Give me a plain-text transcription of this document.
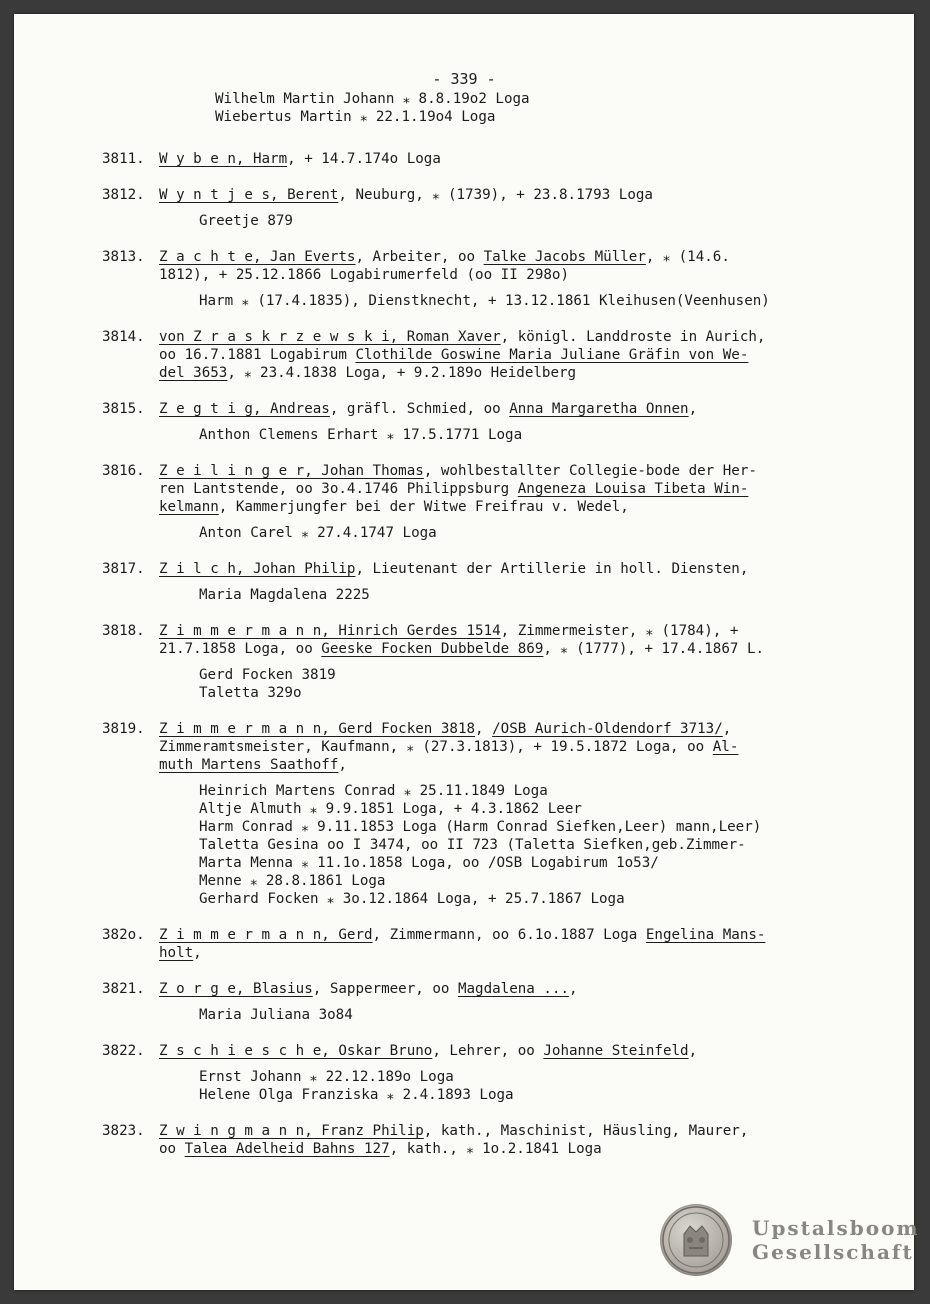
- 339 -
Wilhelm Martin Johann ⁎ 8.8.19o2 Loga
Wiebertus Martin ⁎ 22.1.19o4 Loga
3811. W y b e n, Harm, + 14.7.174o Loga
3812. W y n t j e s, Berent, Neuburg, ⁎ (1739), + 23.8.1793 Loga
Greetje 879
3813. Z a c h t e, Jan Everts, Arbeiter, oo Talke Jacobs Müller, ⁎ (14.6.
1812), + 25.12.1866 Logabirumerfeld (oo II 298o)
Harm ⁎ (17.4.1835), Dienstknecht, + 13.12.1861 Kleihusen(Veenhusen)
3814. von Z r a s k r z e w s k i, Roman Xaver, königl. Landdroste in Aurich,
oo 16.7.1881 Logabirum Clothilde Goswine Maria Juliane Gräfin von We-
del 3653, ⁎ 23.4.1838 Loga, + 9.2.189o Heidelberg
3815. Z e g t i g, Andreas, gräfl. Schmied, oo Anna Margaretha Onnen,
Anthon Clemens Erhart ⁎ 17.5.1771 Loga
3816. Z e i l i n g e r, Johan Thomas, wohlbestallter Collegie-bode der Her-
ren Lantstende, oo 3o.4.1746 Philippsburg Angeneza Louisa Tibeta Win-
kelmann, Kammerjungfer bei der Witwe Freifrau v. Wedel,
Anton Carel ⁎ 27.4.1747 Loga
3817. Z i l c h, Johan Philip, Lieutenant der Artillerie in holl. Diensten,
Maria Magdalena 2225
3818. Z i m m e r m a n n, Hinrich Gerdes 1514, Zimmermeister, ⁎ (1784), +
21.7.1858 Loga, oo Geeske Focken Dubbelde 869, ⁎ (1777), + 17.4.1867 L.
Gerd Focken 3819
Taletta 329o
3819. Z i m m e r m a n n, Gerd Focken 3818, /OSB Aurich-Oldendorf 3713/,
Zimmeramtsmeister, Kaufmann, ⁎ (27.3.1813), + 19.5.1872 Loga, oo Al-
muth Martens Saathoff,
Heinrich Martens Conrad ⁎ 25.11.1849 Loga
Altje Almuth ⁎ 9.9.1851 Loga, + 4.3.1862 Leer
Harm Conrad ⁎ 9.11.1853 Loga (Harm Conrad Siefken,Leer) mann,Leer)
Taletta Gesina oo I 3474, oo II 723 (Taletta Siefken,geb.Zimmer-
Marta Menna ⁎ 11.1o.1858 Loga, oo /OSB Logabirum 1o53/
Menne ⁎ 28.8.1861 Loga
Gerhard Focken ⁎ 3o.12.1864 Loga, + 25.7.1867 Loga
382o. Z i m m e r m a n n, Gerd, Zimmermann, oo 6.1o.1887 Loga Engelina Mans-
holt,
3821. Z o r g e, Blasius, Sappermeer, oo Magdalena ...,
Maria Juliana 3o84
3822. Z s c h i e s c h e, Oskar Bruno, Lehrer, oo Johanne Steinfeld,
Ernst Johann ⁎ 22.12.189o Loga
Helene Olga Franziska ⁎ 2.4.1893 Loga
3823. Z w i n g m a n n, Franz Philip, kath., Maschinist, Häusling, Maurer,
oo Talea Adelheid Bahns 127, kath., ⁎ 1o.2.1841 Loga
Upstalsboom
Gesellschaft
